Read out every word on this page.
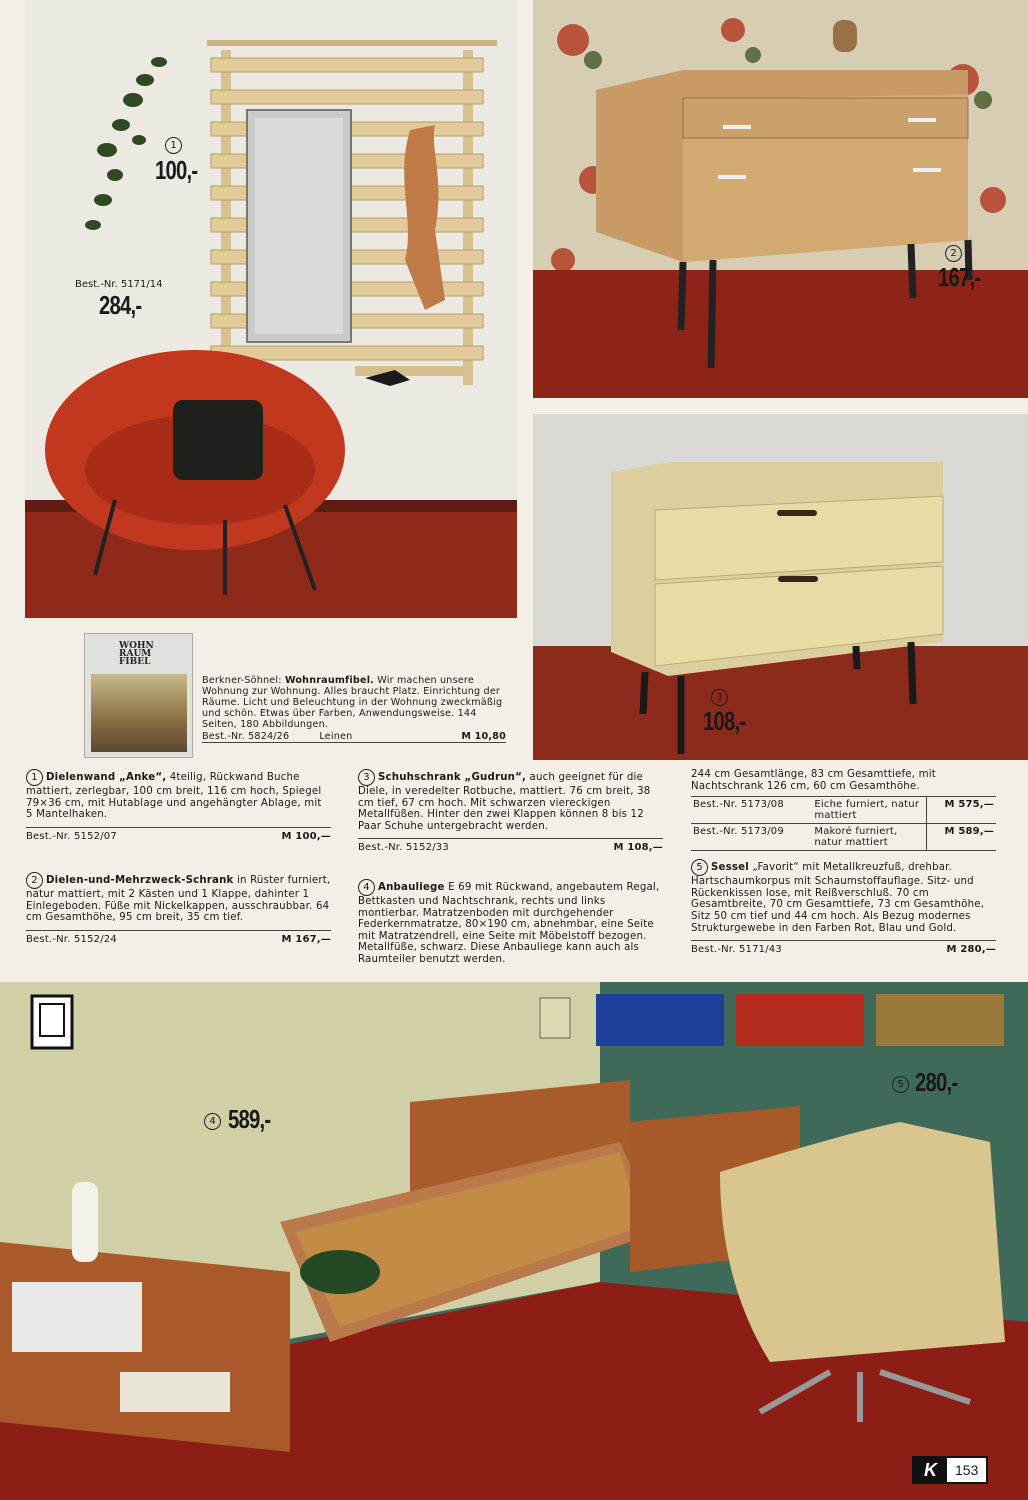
100,-
1
Best.-Nr. 5171/14
284,-
2
167,-
3
108,-
WOHN
RAUM
FIBEL

Berkner-Söhnel: Wohnraumfibel. Wir machen unsere Wohnung zur Wohnung. Alles braucht Platz. Einrichtung der Räume. Licht und Beleuchtung in der Wohnung zweckmäßig und schön. Etwas über Farben, Anwendungsweise. 144 Seiten, 180 Abbildungen.

Best.-Nr. 5824/26	Leinen	M 10,80

1 Dielenwand „Anke“, 4teilig, Rückwand Buche mattiert, zerlegbar, 100 cm breit, 116 cm hoch, Spiegel 79×36 cm, mit Hutablage und angehängter Ablage, mit 5 Mantelhaken.

Best.-Nr. 5152/07	M 100,—

2 Dielen-und-Mehrzweck-Schrank in Rüster furniert, natur mattiert, mit 2 Kästen und 1 Klappe, dahinter 1 Einlegeboden. Füße mit Nickelkappen, ausschraubbar. 64 cm Gesamthöhe, 95 cm breit, 35 cm tief.

Best.-Nr. 5152/24	M 167,—

3 Schuhschrank „Gudrun“, auch geeignet für die Diele, in veredelter Rotbuche, mattiert. 76 cm breit, 38 cm tief, 67 cm hoch. Mit schwarzen viereckigen Metallfüßen. Hinter den zwei Klappen können 8 bis 12 Paar Schuhe untergebracht werden.

Best.-Nr. 5152/33	M 108,—

4 Anbauliege E 69 mit Rückwand, angebautem Regal, Bettkasten und Nachtschrank, rechts und links montierbar. Matratzenboden mit durchgehender Federkernmatratze, 80×190 cm, abnehmbar, eine Seite mit Matratzendrell, eine Seite mit Möbelstoff bezogen. Metallfüße, schwarz. Diese Anbauliege kann auch als Raumteiler benutzt werden.

244 cm Gesamtlänge, 83 cm Gesamttiefe, mit Nachtschrank 126 cm, 60 cm Gesamthöhe.

Best.-Nr. 5173/08	Eiche furniert, natur mattiert	M 575,—
Best.-Nr. 5173/09	Makoré furniert, natur mattiert	M 589,—

5 Sessel „Favorit“ mit Metallkreuzfuß, drehbar. Hartschaumkorpus mit Schaumstoffauflage. Sitz- und Rückenkissen lose, mit Reißverschluß. 70 cm Gesamtbreite, 70 cm Gesamttiefe, 73 cm Gesamthöhe, Sitz 50 cm tief und 44 cm hoch. Als Bezug modernes Strukturgewebe in den Farben Rot, Blau und Gold.

Best.-Nr. 5171/43	M 280,—
4 589,-
5 280,-
K	153
